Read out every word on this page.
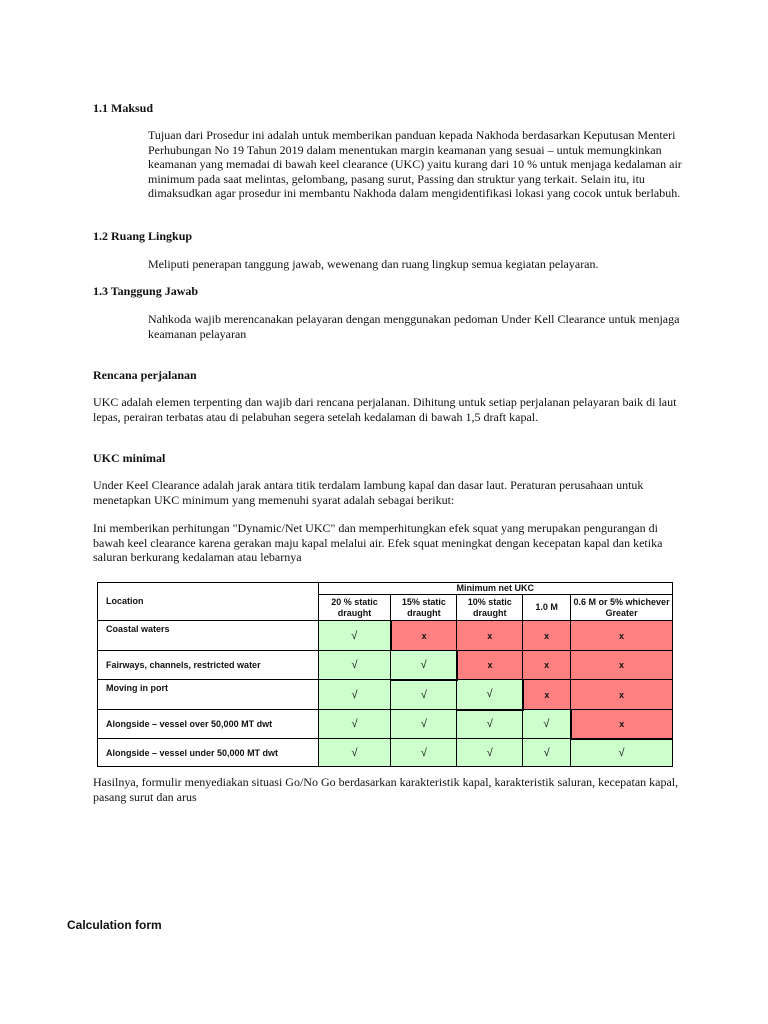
1.1 Maksud
Tujuan dari Prosedur ini adalah untuk memberikan panduan kepada Nakhoda berdasarkan Keputusan Menteri Perhubungan No 19 Tahun 2019 dalam menentukan margin keamanan yang sesuai – untuk memungkinkan keamanan yang memadai di bawah keel clearance (UKC) yaitu kurang dari 10 % untuk menjaga kedalaman air minimum pada saat melintas, gelombang, pasang surut, Passing dan struktur yang terkait. Selain itu, itu dimaksudkan agar prosedur ini membantu Nakhoda dalam mengidentifikasi lokasi yang cocok untuk berlabuh.
1.2 Ruang Lingkup
Meliputi penerapan tanggung jawab, wewenang dan ruang lingkup semua kegiatan pelayaran.
1.3 Tanggung Jawab
Nahkoda wajib merencanakan pelayaran dengan menggunakan pedoman Under Kell Clearance untuk menjaga keamanan pelayaran
Rencana perjalanan
UKC adalah elemen terpenting dan wajib dari rencana perjalanan. Dihitung untuk setiap perjalanan pelayaran baik di laut lepas, perairan terbatas atau di pelabuhan segera setelah kedalaman di bawah 1,5 draft kapal.
UKC minimal
Under Keel Clearance adalah jarak antara titik terdalam lambung kapal dan dasar laut. Peraturan perusahaan untuk menetapkan UKC minimum yang memenuhi syarat adalah sebagai berikut:
Ini memberikan perhitungan "Dynamic/Net UKC" dan memperhitungkan efek squat yang merupakan pengurangan di bawah keel clearance karena gerakan maju kapal melalui air. Efek squat meningkat dengan kecepatan kapal dan ketika saluran berkurang kedalaman atau lebarnya
Location	Minimum net UKC				
	20 % static draught	15% static draught	10% static draught	1.0 M	0.6 M or 5% whichever Greater
Coastal waters	√	x	x	x	x
Fairways, channels, restricted water	√	√	x	x	x
Moving in port	√	√	√	x	x
Alongside – vessel over 50,000 MT dwt	√	√	√	√	x
Alongside – vessel under 50,000 MT dwt	√	√	√	√	√
Hasilnya, formulir menyediakan situasi Go/No Go berdasarkan karakteristik kapal, karakteristik saluran, kecepatan kapal, pasang surut dan arus
Calculation form
